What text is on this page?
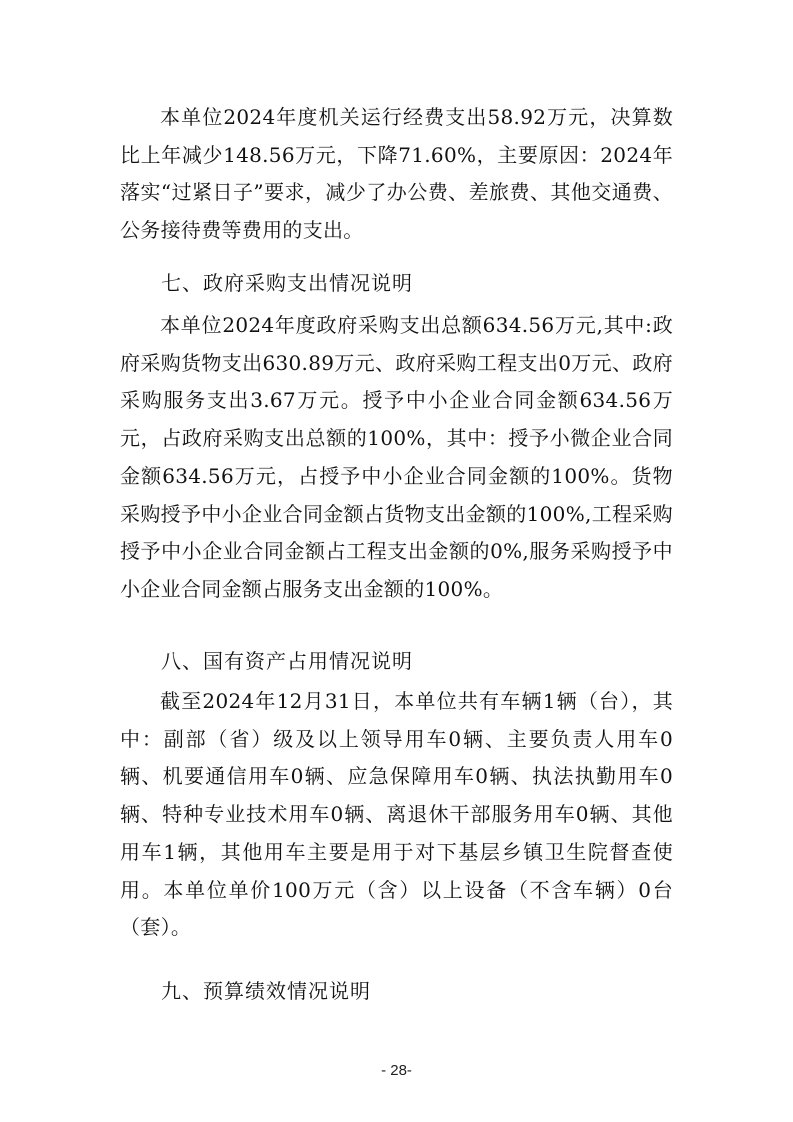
本单位2024年度机关运行经费支出58.92万元，决算数比上年减少148.56万元，下降71.60%，主要原因：2024年落实“过紧日子”要求，减少了办公费、差旅费、其他交通费、公务接待费等费用的支出。

七、政府采购支出情况说明

本单位2024年度政府采购支出总额634.56万元,其中:政府采购货物支出630.89万元、政府采购工程支出0万元、政府采购服务支出3.67万元。授予中小企业合同金额634.56万元，占政府采购支出总额的100%，其中：授予小微企业合同金额634.56万元，占授予中小企业合同金额的100%。货物采购授予中小企业合同金额占货物支出金额的100%,工程采购授予中小企业合同金额占工程支出金额的0%,服务采购授予中小企业合同金额占服务支出金额的100%。

八、国有资产占用情况说明

截至2024年12月31日，本单位共有车辆1辆（台），其中：副部（省）级及以上领导用车0辆、主要负责人用车0辆、机要通信用车0辆、应急保障用车0辆、执法执勤用车0辆、特种专业技术用车0辆、离退休干部服务用车0辆、其他用车1辆，其他用车主要是用于对下基层乡镇卫生院督查使用。本单位单价100万元（含）以上设备（不含车辆）0台（套）。

九、预算绩效情况说明
- 28-
